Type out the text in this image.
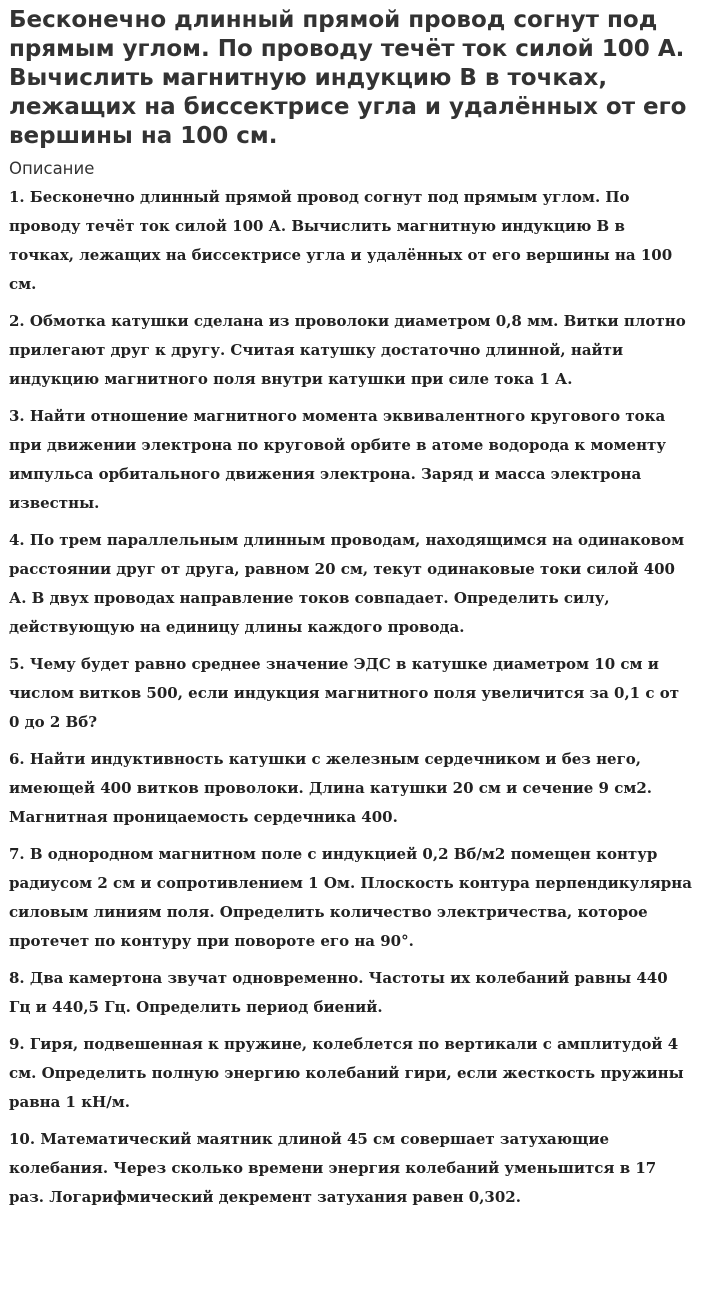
Бесконечно длинный прямой провод согнут под прямым углом. По проводу течёт ток силой 100 А. Вычислить магнитную индукцию В в точках, лежащих на биссектрисе угла и удалённых от его вершины на 100 см.
Описание

1. Бесконечно длинный прямой провод согнут под прямым углом. По проводу течёт ток силой 100 А. Вычислить магнитную индукцию В в точках, лежащих на биссектрисе угла и удалённых от его вершины на 100 см.

2. Обмотка катушки сделана из проволоки диаметром 0,8 мм. Витки плотно прилегают друг к другу. Считая катушку достаточно длинной, найти индукцию магнитного поля внутри катушки при силе тока 1 А.

3. Найти отношение магнитного момента эквивалентного кругового тока при движении электрона по круговой орбите в атоме водорода к моменту импульса орбитального движения электрона. Заряд и масса электрона известны.

4. По трем параллельным длинным проводам, находящимся на одинаковом расстоянии друг от друга, равном 20 см, текут одинаковые токи силой 400 А. В двух проводах направление токов совпадает. Определить силу, действующую на единицу длины каждого провода.

5. Чему будет равно среднее значение ЭДС в катушке диаметром 10 см и числом витков 500, если индукция магнитного поля увеличится за 0,1 с от 0 до 2 Вб?

6. Найти индуктивность катушки с железным сердечником и без него, имеющей 400 витков проволоки. Длина катушки 20 см и сечение 9 см2. Магнитная проницаемость сердечника 400.

7. В однородном магнитном поле с индукцией 0,2 Вб/м2 помещен контур радиусом 2 см и сопротивлением 1 Ом. Плоскость контура перпендикулярна силовым линиям поля. Определить количество электричества, которое протечет по контуру при повороте его на 90°.

8. Два камертона звучат одновременно. Частоты их колебаний равны 440 Гц и 440,5 Гц. Определить период биений.

9. Гиря, подвешенная к пружине, колеблется по вертикали с амплитудой 4 см. Определить полную энергию колебаний гири, если жесткость пружины равна 1 кН/м.

10. Математический маятник длиной 45 см совершает затухающие колебания. Через сколько времени энергия колебаний уменьшится в 17 раз. Логарифмический декремент затухания равен 0,302.
